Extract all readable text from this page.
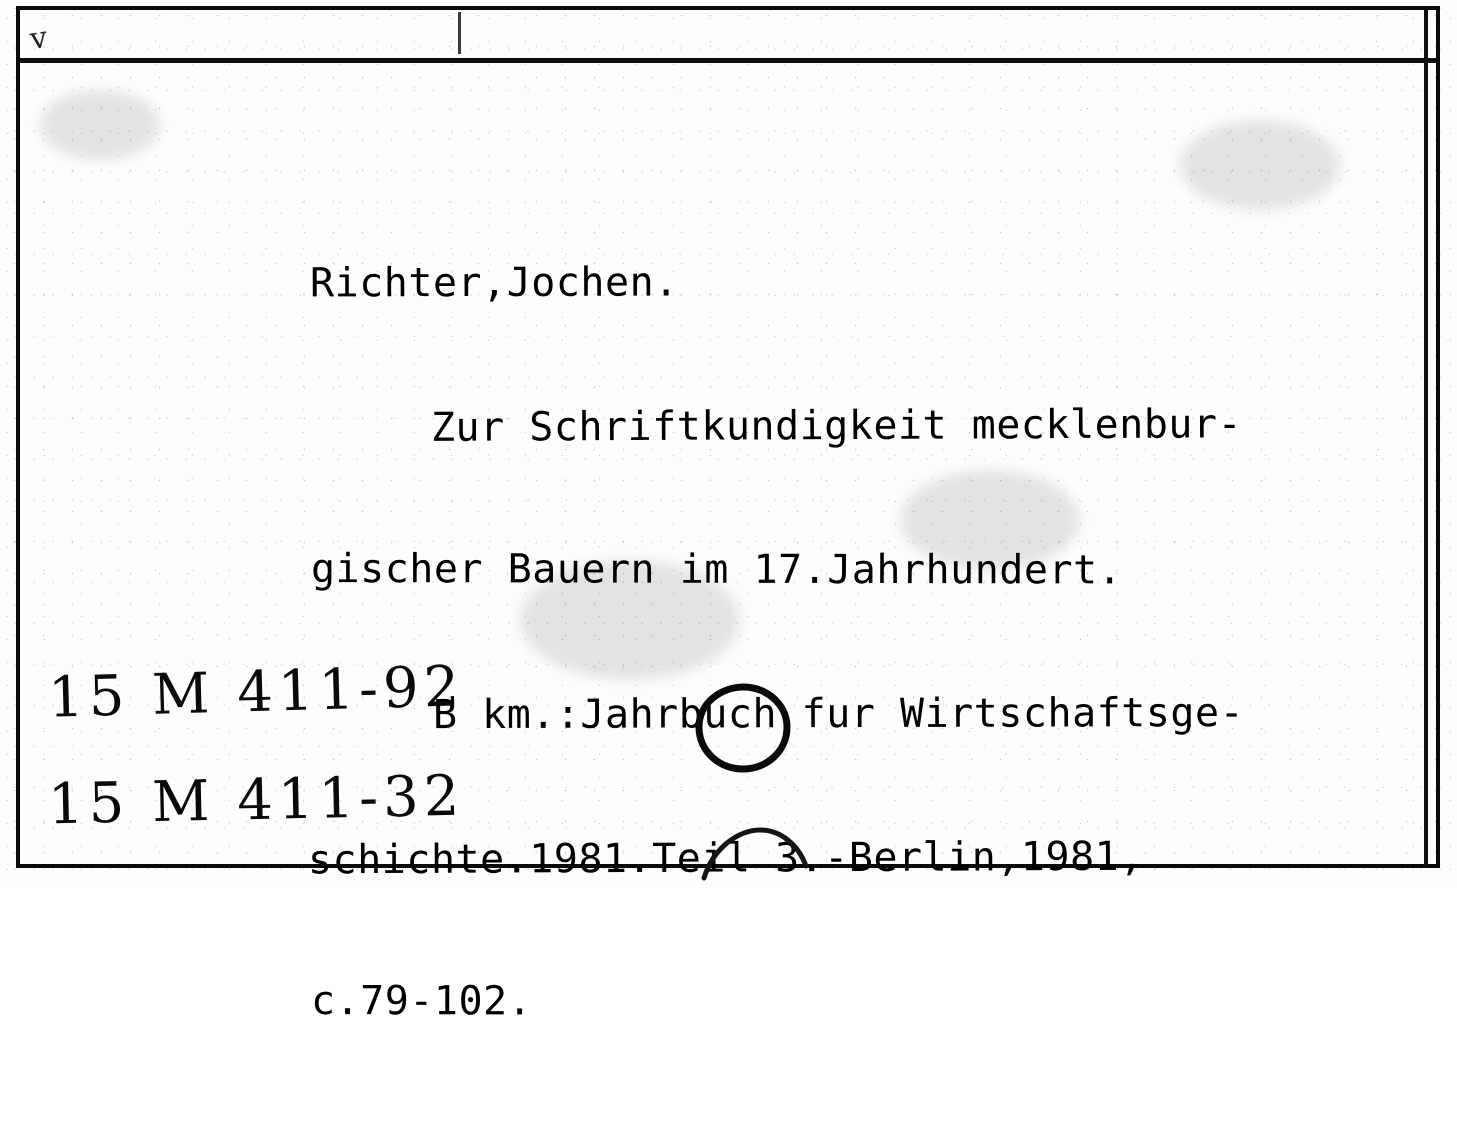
v

Richter,Jochen.

Zur Schriftkundigkeit mecklenbur-

gischer Bauern im 17.Jahrhundert.

B km.:Jahrbuch fur Wirtschaftsge-

schichte.1981.Teil 3.-Berlin,1981,

c.79-102.

15 M 411-92
15 M 411-32
